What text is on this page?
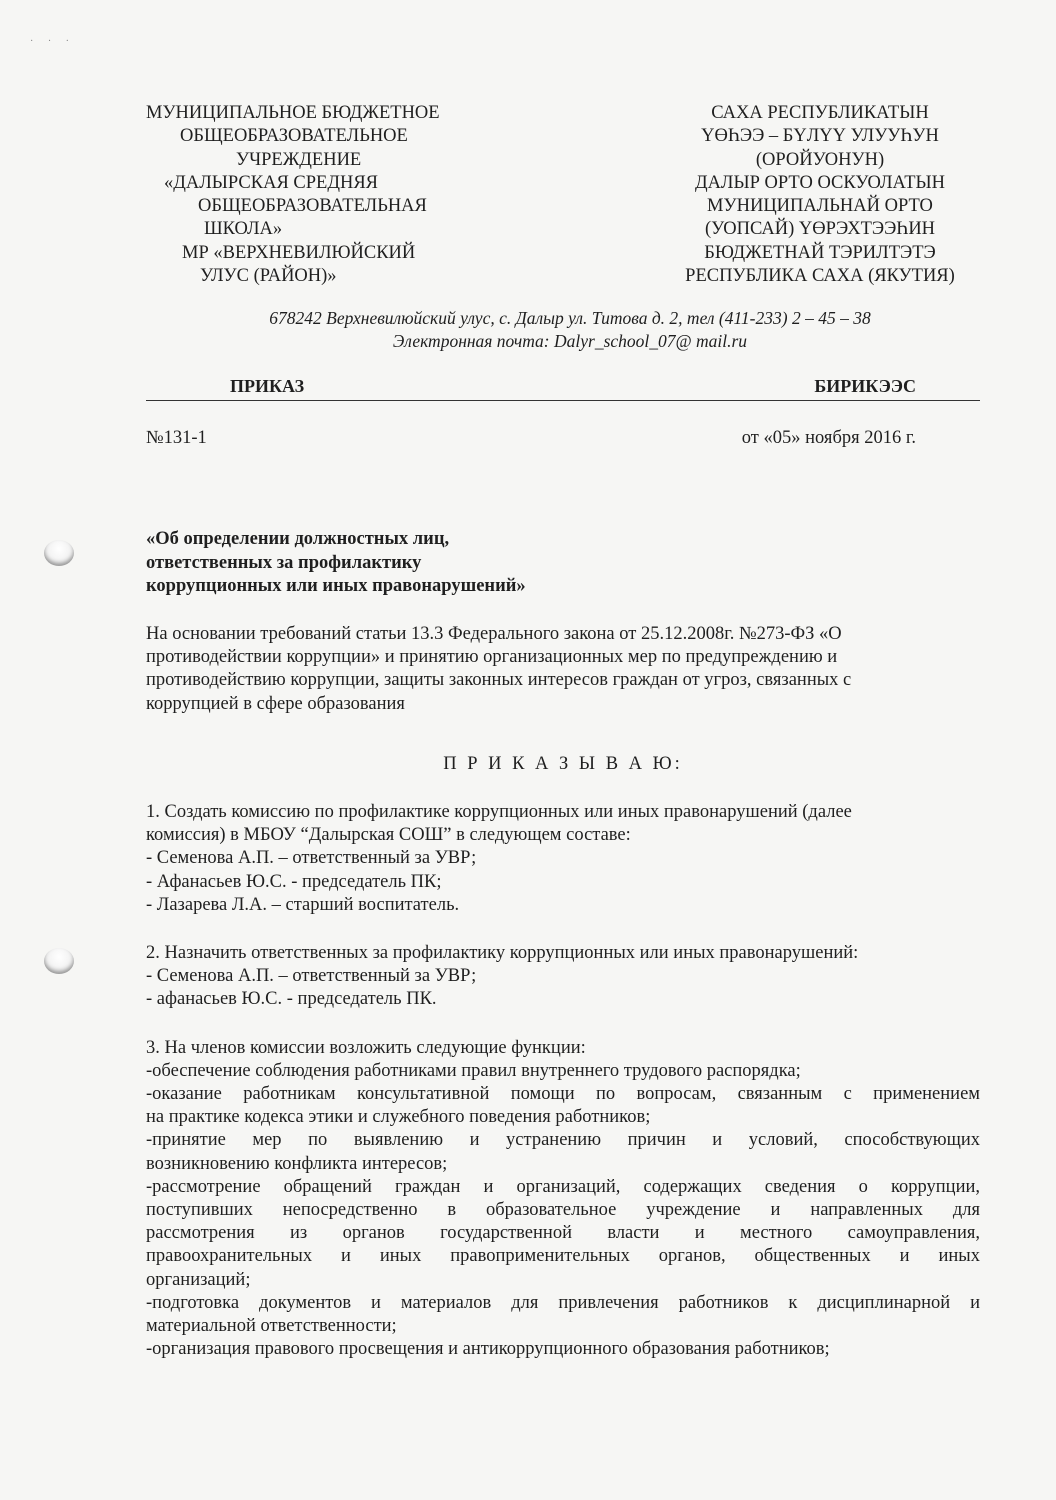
· · ·
МУНИЦИПАЛЬНОЕ БЮДЖЕТНОЕ
ОБЩЕОБРАЗОВАТЕЛЬНОЕ
УЧРЕЖДЕНИЕ
«ДАЛЫРСКАЯ СРЕДНЯЯ
ОБЩЕОБРАЗОВАТЕЛЬНАЯ
ШКОЛА»
МР «ВЕРХНЕВИЛЮЙСКИЙ
УЛУС (РАЙОН)»
САХА РЕСПУБЛИКАТЫН
ҮӨҺЭЭ – БҮЛҮҮ УЛУУҺУН
(ОРОЙУОНУН)
ДАЛЫР ОРТО ОСКУОЛАТЫН
МУНИЦИПАЛЬНАЙ ОРТО
(УОПСАЙ) ҮӨРЭХТЭЭҺИН
БЮДЖЕТНАЙ ТЭРИЛТЭТЭ
РЕСПУБЛИКА САХА (ЯКУТИЯ)
678242 Верхневилюйский улус, с. Далыр ул. Титова д. 2, тел (411-233) 2 – 45 – 38
Электронная почта: Dalyr_school_07@ mail.ru
ПРИКАЗ	БИРИКЭЭС
№131-1	от «05» ноября 2016 г.
«Об определении должностных лиц,
ответственных за профилактику
коррупционных или иных правонарушений»
На основании требований статьи 13.3 Федерального закона от 25.12.2008г. №273-ФЗ «О
противодействии коррупции» и принятию организационных мер по предупреждению и
противодействию коррупции, защиты законных интересов граждан от угроз, связанных с
коррупцией в сфере образования
П Р И К А З Ы В А Ю:
1. Создать комиссию по профилактике коррупционных или иных правонарушений (далее
комиссия) в МБОУ “Далырская СОШ” в следующем составе:
- Семенова А.П. – ответственный за УВР;
- Афанасьев Ю.С. - председатель ПК;
- Лазарева Л.А. – старший воспитатель.
2. Назначить ответственных за профилактику коррупционных или иных правонарушений:
- Семенова А.П. – ответственный за УВР;
- афанасьев Ю.С. - председатель ПК.
3. На членов комиссии возложить следующие функции:
-обеспечение соблюдения работниками правил внутреннего трудового распорядка;
-оказание работникам консультативной помощи по вопросам, связанным с применением
на практике кодекса этики и служебного поведения работников;
-принятие мер по выявлению и устранению причин и условий, способствующих
возникновению конфликта интересов;
-рассмотрение обращений граждан и организаций, содержащих сведения о коррупции,
поступивших непосредственно в образовательное учреждение и направленных для
рассмотрения из органов государственной власти и местного самоуправления,
правоохранительных и иных правоприменительных органов, общественных и иных
организаций;
-подготовка документов и материалов для привлечения работников к дисциплинарной и
материальной ответственности;
-организация правового просвещения и антикоррупционного образования работников;
